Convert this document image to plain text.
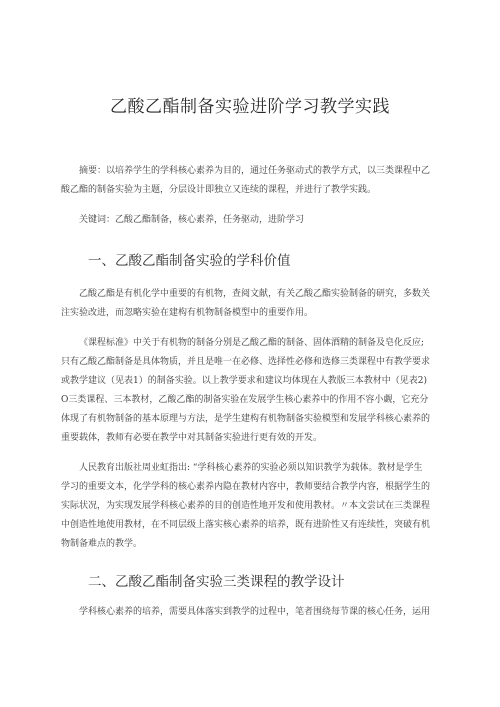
乙酸乙酯制备实验进阶学习教学实践
摘要：以培养学生的学科核心素养为目的，通过任务驱动式的教学方式，以三类课程中乙
酸乙酯的制备实验为主题，分层设计即独立又连续的课程，并进行了教学实践。
关键词：乙酸乙酯制备，核心素养，任务驱动，进阶学习
一、乙酸乙酯制备实验的学科价值
乙酸乙酯是有机化学中重要的有机物，查阅文献，有关乙酸乙酯实验制备的研究，多数关
注实验改进，而忽略实验在建构有机物制备模型中的重要作用。
《课程标准》中关于有机物的制备分别是乙酸乙酯的制备、固体酒精的制备及皂化反应;
只有乙酸乙酯制备是具体物质，并且是唯一在必修、选择性必修和选修三类课程中有教学要求
或教学建议（见表1）的制备实验。以上教学要求和建议均体现在人教版三本教材中（见表2)
O三类课程、三本教材，乙酸乙酯的制备实验在发展学生核心素养中的作用不容小觑，它充分
体现了有机物制备的基本原理与方法，是学生建构有机物制备实验模型和发展学科核心素养的
重要载体，教师有必要在教学中对其制备实验进行更有效的开发。
人民教育出版社周业虹指出: “学科核心素养的实验必须以知识教学为载体。教材是学生
学习的重要文本，化学学科的核心素养内隐在教材内容中，教师要结合教学内容，根据学生的
实际状况，为实现发展学科核心素养的目的创造性地开发和使用教材。〃本文尝试在三类课程
中创造性地使用教材，在不同层级上落实核心素养的培养，既有进阶性又有连续性，突破有机
物制备难点的教学。
二、乙酸乙酯制备实验三类课程的教学设计
学科核心素养的培养，需要具体落实到教学的过程中，笔者围绕每节课的核心任务，运用
